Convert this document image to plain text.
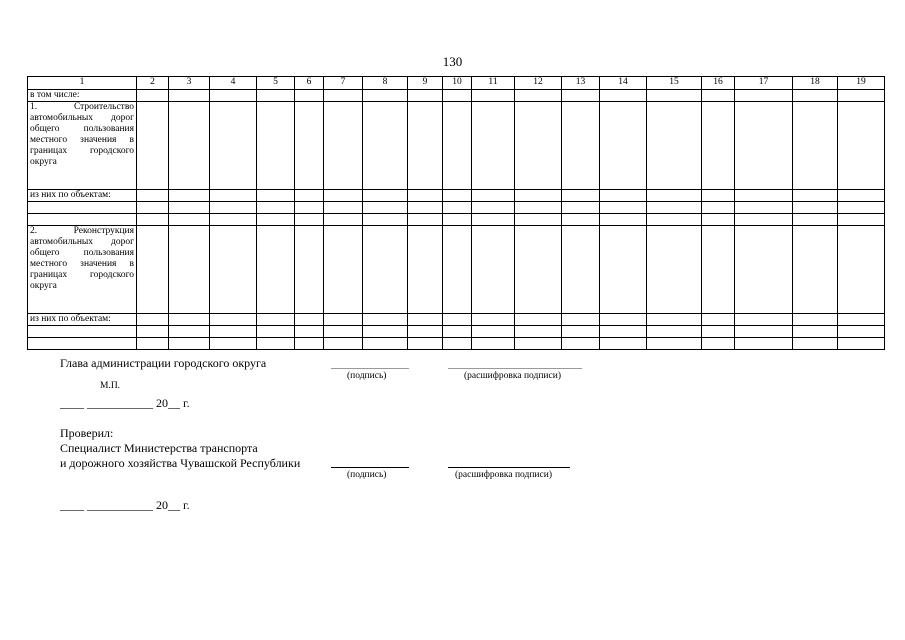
130
1	2	3	4	5	6	7	8	9	10	11	12	13	14	15	16	17	18	19
в том числе:																		
1. Строительство автомобильных дорог общего пользования местного значения в границах городского округа																		
из них по объектам:																		

2. Реконструкция автомобильных дорог общего пользования местного значения в границах городского округа																		
из них по объектам:																		

Глава администрации городского округа
(подпись)	(расшифровка подписи)
М.П.
____ ___________ 20__ г.
Проверил:
Специалист Министерства транспорта
и дорожного хозяйства Чувашской Республики
(подпись)	(расшифровка подписи)
____ ___________ 20__ г.
